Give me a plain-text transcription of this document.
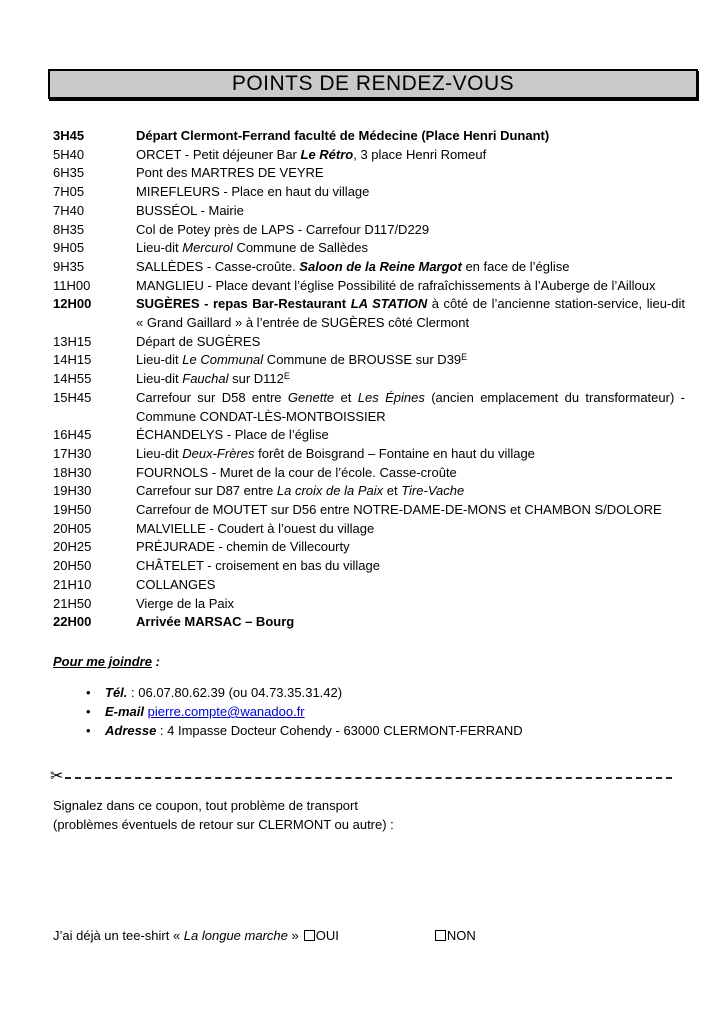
POINTS DE RENDEZ-VOUS
3H45	Départ Clermont-Ferrand faculté de Médecine (Place Henri Dunant)
5H40	ORCET - Petit déjeuner Bar Le Rétro, 3 place Henri Romeuf
6H35	Pont des MARTRES DE VEYRE
7H05	MIREFLEURS - Place en haut du village
7H40	BUSSÉOL - Mairie
8H35	Col de Potey près de LAPS - Carrefour D117/D229
9H05	Lieu-dit Mercurol Commune de Sallèdes
9H35	SALLÈDES - Casse-croûte. Saloon de la Reine Margot en face de l’église
11H00	MANGLIEU - Place devant l’église Possibilité de rafraîchissements à l’Auberge de l’Ailloux
12H00	SUGÈRES - repas Bar-Restaurant LA STATION à côté de l’ancienne station-service, lieu-dit « Grand Gaillard » à l’entrée de SUGÈRES côté Clermont
13H15	Départ de SUGÈRES
14H15	Lieu-dit Le Communal Commune de BROUSSE sur $D39^E$
14H55	Lieu-dit Fauchal sur $D112^E$
15H45	Carrefour sur D58 entre Genette et Les Épines (ancien emplacement du transformateur) - Commune CONDAT-LÈS-MONTBOISSIER
16H45	ÉCHANDELYS - Place de l’église
17H30	Lieu-dit Deux-Frères forêt de Boisgrand – Fontaine en haut du village
18H30	FOURNOLS - Muret de la cour de l’école. Casse-croûte
19H30	Carrefour sur D87 entre La croix de la Paix et Tire-Vache
19H50	Carrefour de MOUTET sur D56 entre NOTRE-DAME-DE-MONS et CHAMBON S/DOLORE
20H05	MALVIELLE - Coudert à l’ouest du village
20H25	PRÉJURADE - chemin de Villecourty
20H50	CHÂTELET - croisement en bas du village
21H10	COLLANGES
21H50	Vierge de la Paix
22H00	Arrivée MARSAC – Bourg
Pour me joindre :
• Tél. : 06.07.80.62.39 (ou 04.73.35.31.42)
• E-mail pierre.compte@wanadoo.fr
• Adresse : 4 Impasse Docteur Cohendy - 63000 CLERMONT-FERRAND
✂
Signalez dans ce coupon, tout problème de transport
(problèmes éventuels de retour sur CLERMONT ou autre) :
J’ai déjà un tee-shirt « La longue marche » OUI	NON
